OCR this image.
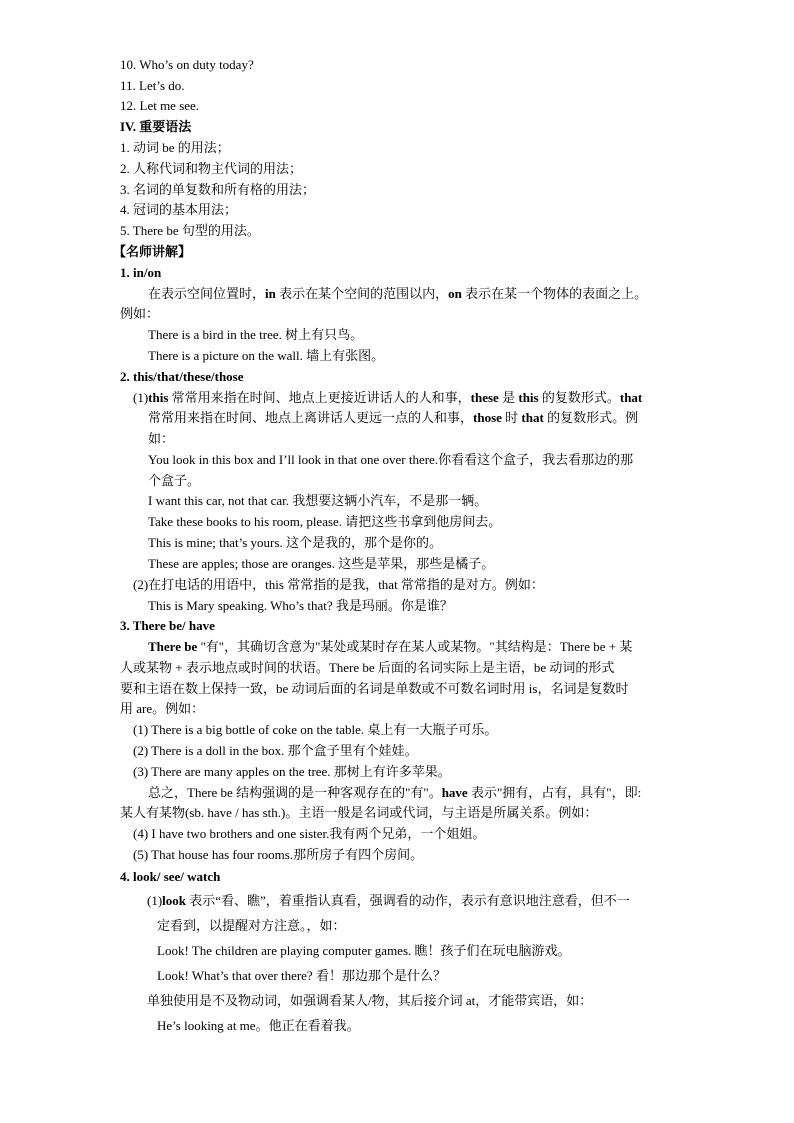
10. Who’s on duty today?
11. Let’s do.
12. Let me see.
IV. 重要语法
1. 动词 be 的用法；
2. 人称代词和物主代词的用法；
3. 名词的单复数和所有格的用法；
4. 冠词的基本用法；
5. There be 句型的用法。
【名师讲解】
1. in/on
在表示空间位置时，in 表示在某个空间的范围以内，on 表示在某一个物体的表面之上。
例如：
There is a bird in the tree. 树上有只鸟。
There is a picture on the wall. 墙上有张图。
2. this/that/these/those
(1)this 常常用来指在时间、地点上更接近讲话人的人和事，these 是 this 的复数形式。that
常常用来指在时间、地点上离讲话人更远一点的人和事，those 时 that 的复数形式。例
如：
You look in this box and I’ll look in that one over there.你看看这个盒子，我去看那边的那
个盒子。
I want this car, not that car. 我想要这辆小汽车，不是那一辆。
Take these books to his room, please. 请把这些书拿到他房间去。
This is mine; that’s yours. 这个是我的，那个是你的。
These are apples; those are oranges. 这些是苹果，那些是橘子。
(2)在打电话的用语中，this 常常指的是我，that 常常指的是对方。例如：
This is Mary speaking. Who’s that? 我是玛丽。你是谁？
3. There be/ have
There be "有"，其确切含意为"某处或某时存在某人或某物。"其结构是：There be + 某
人或某物 + 表示地点或时间的状语。There be 后面的名词实际上是主语，be 动词的形式
要和主语在数上保持一致，be 动词后面的名词是单数或不可数名词时用 is，名词是复数时
用 are。例如：
(1) There is a big bottle of coke on the table. 桌上有一大瓶子可乐。
(2) There is a doll in the box. 那个盒子里有个娃娃。
(3) There are many apples on the tree. 那树上有许多苹果。
总之，There be 结构强调的是一种客观存在的"有"。have 表示"拥有，占有，具有"，即:
某人有某物(sb. have / has sth.)。主语一般是名词或代词，与主语是所属关系。例如：
(4) I have two brothers and one sister.我有两个兄弟，一个姐姐。
(5) That house has four rooms.那所房子有四个房间。
4. look/ see/ watch
(1)look 表示“看、瞧”，着重指认真看，强调看的动作，表示有意识地注意看，但不一
定看到，以提醒对方注意。，如：
Look! The children are playing computer games. 瞧！孩子们在玩电脑游戏。
Look! What’s that over there? 看！那边那个是什么？
单独使用是不及物动词，如强调看某人/物，其后接介词 at，才能带宾语，如：
He’s looking at me。他正在看着我。
